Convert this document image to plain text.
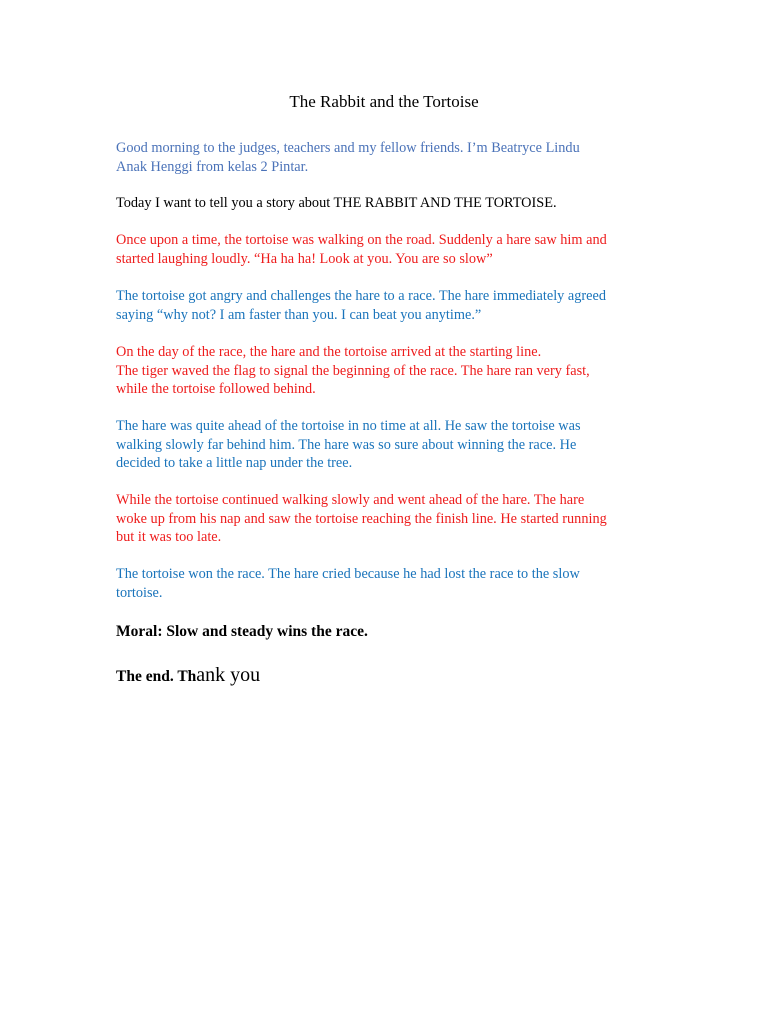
The Rabbit and the Tortoise

Good morning to the judges, teachers and my fellow friends. I’m Beatryce Lindu
Anak Henggi from kelas 2 Pintar.

Today I want to tell you a story about THE RABBIT AND THE TORTOISE.

Once upon a time, the tortoise was walking on the road. Suddenly a hare saw him and
started laughing loudly. “Ha ha ha! Look at you. You are so slow”

The tortoise got angry and challenges the hare to a race. The hare immediately agreed
saying “why not? I am faster than you. I can beat you anytime.”

On the day of the race, the hare and the tortoise arrived at the starting line.
The tiger waved the flag to signal the beginning of the race. The hare ran very fast,
while the tortoise followed behind.

The hare was quite ahead of the tortoise in no time at all. He saw the tortoise was
walking slowly far behind him. The hare was so sure about winning the race. He
decided to take a little nap under the tree.

While the tortoise continued walking slowly and went ahead of the hare. The hare
woke up from his nap and saw the tortoise reaching the finish line. He started running
but it was too late.

The tortoise won the race. The hare cried because he had lost the race to the slow
tortoise.

Moral: Slow and steady wins the race.
The end. Thank you
